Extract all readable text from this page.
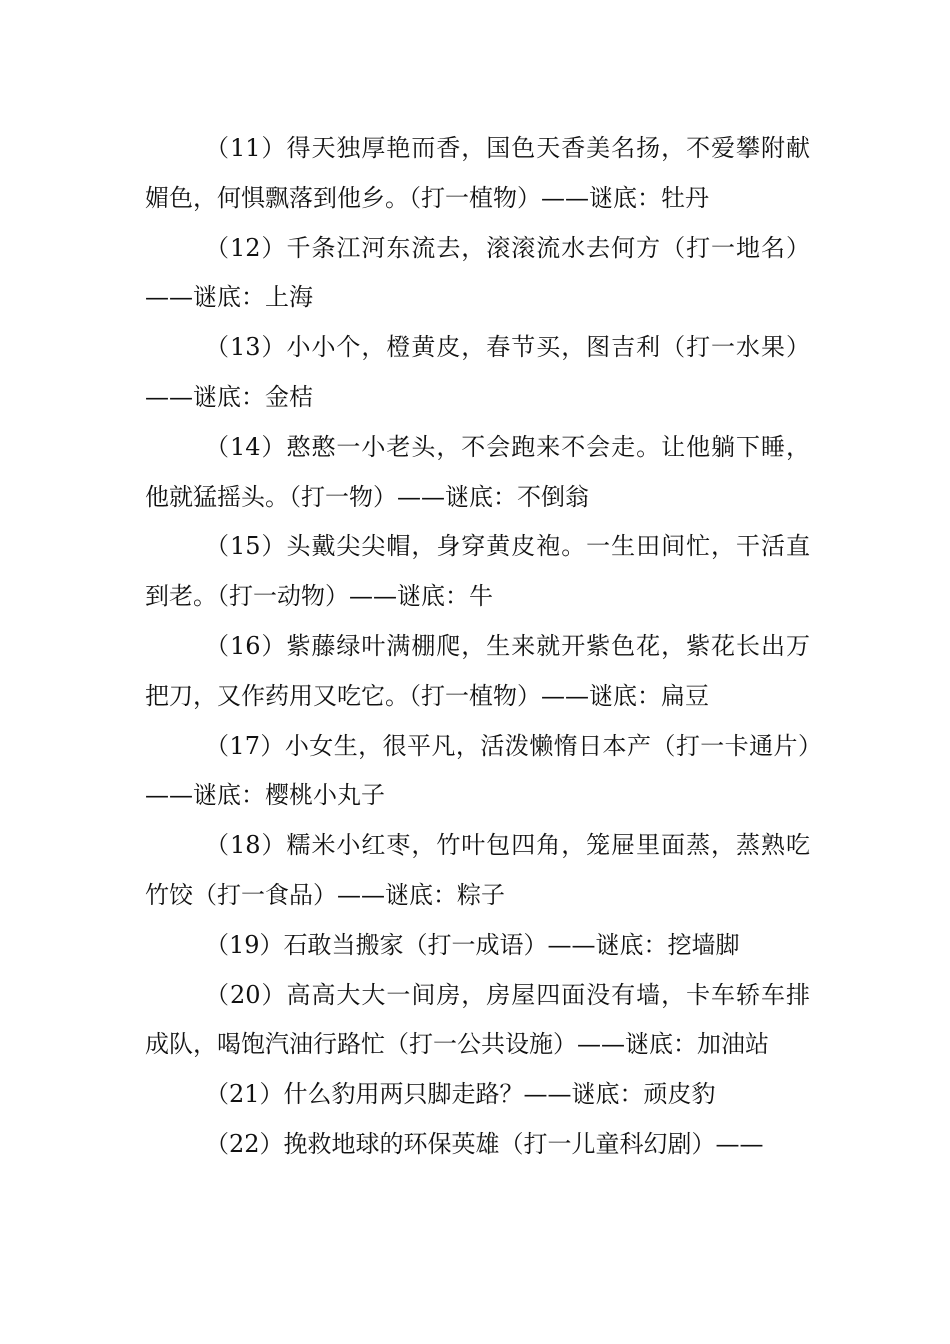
（11）得天独厚艳而香，国色天香美名扬，不爱攀附献媚色，何惧飘落到他乡。（打一植物）——谜底：牡丹

（12）千条江河东流去，滚滚流水去何方（打一地名）——谜底：上海

（13）小小个，橙黄皮，春节买，图吉利（打一水果）——谜底：金桔

（14）憨憨一小老头，不会跑来不会走。让他躺下睡，他就猛摇头。（打一物）——谜底：不倒翁

（15）头戴尖尖帽，身穿黄皮袍。一生田间忙，干活直到老。（打一动物）——谜底：牛

（16）紫藤绿叶满棚爬，生来就开紫色花，紫花长出万把刀，又作药用又吃它。（打一植物）——谜底：扁豆

（17）小女生，很平凡，活泼懒惰日本产（打一卡通片）——谜底：樱桃小丸子

（18）糯米小红枣，竹叶包四角，笼屉里面蒸，蒸熟吃竹饺（打一食品）——谜底：粽子

（19）石敢当搬家（打一成语）——谜底：挖墙脚

（20）高高大大一间房，房屋四面没有墙，卡车轿车排成队，喝饱汽油行路忙（打一公共设施）——谜底：加油站

（21）什么豹用两只脚走路？——谜底：顽皮豹

（22）挽救地球的环保英雄（打一儿童科幻剧）——
